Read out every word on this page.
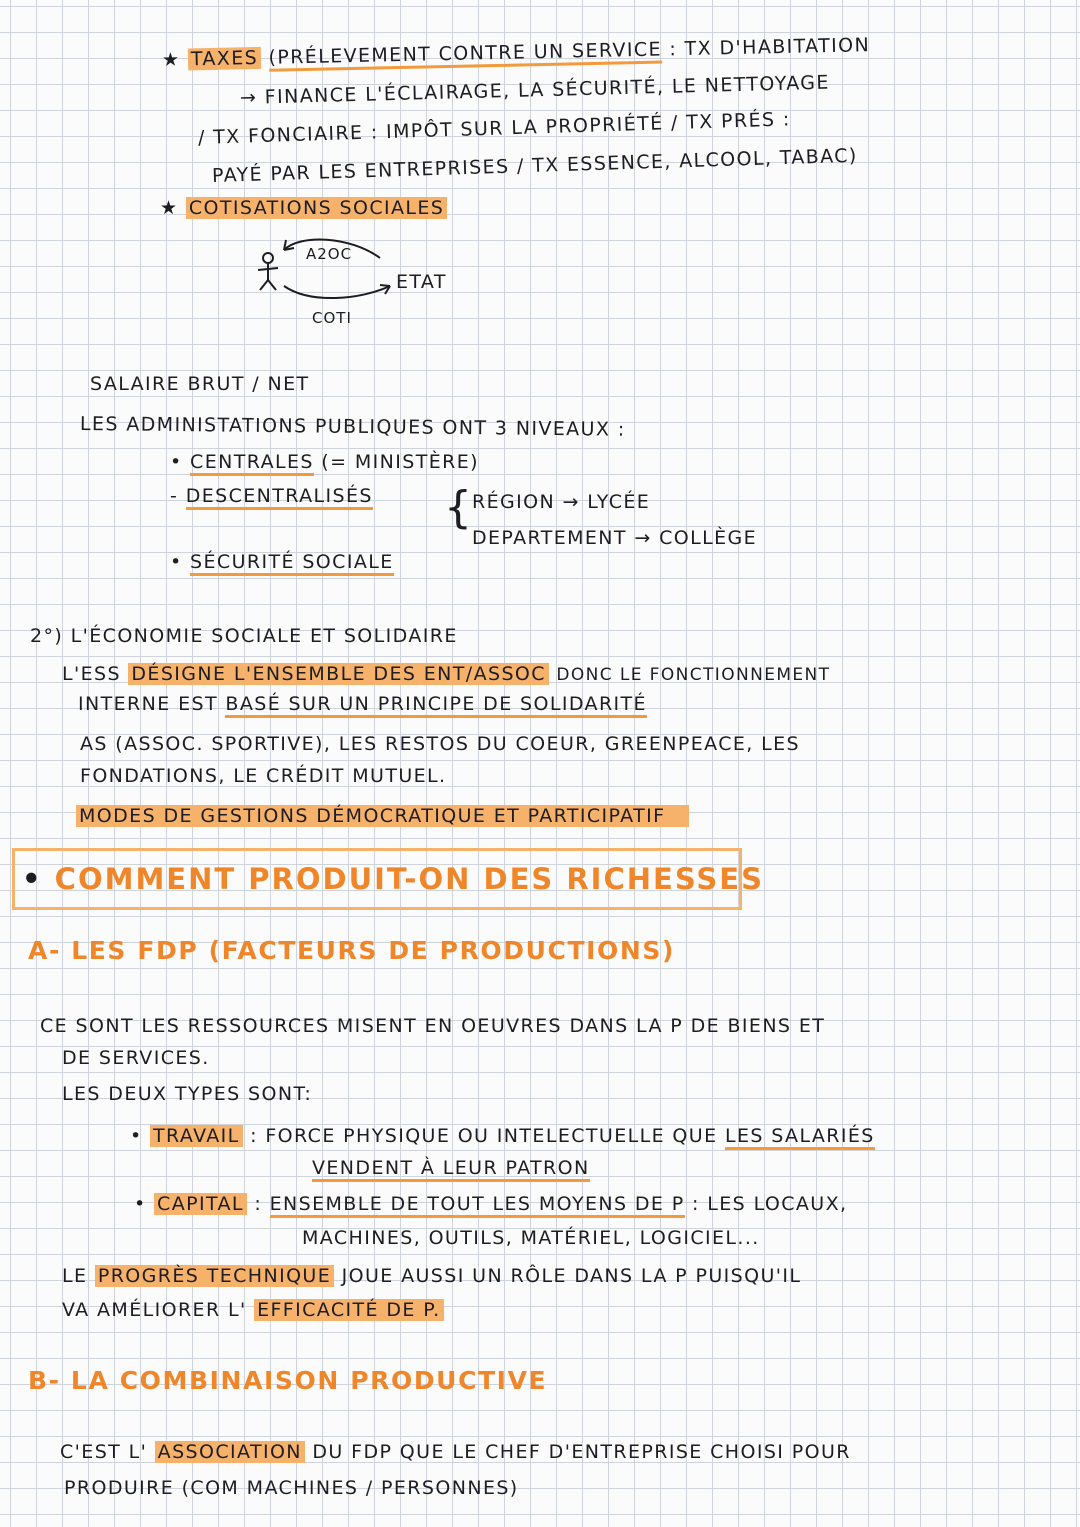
★ TAXES (PRÉLEVEMENT CONTRE UN SERVICE : TX D'HABITATION
→ FINANCE L'ÉCLAIRAGE, LA SÉCURITÉ, LE NETTOYAGE
/ TX FONCIAIRE : IMPÔT SUR LA PROPRIÉTÉ / TX PRÉS :
PAYÉ PAR LES ENTREPRISES / TX ESSENCE, ALCOOL, TABAC)
★ COTISATIONS SOCIALES
A2OC
ETAT
COTI
SALAIRE BRUT / NET
LES ADMINISTATIONS PUBLIQUES ONT 3 NIVEAUX :
• CENTRALES (= MINISTÈRE)
- DESCENTRALISÉS { RÉGION → LYCÉE
DEPARTEMENT → COLLÈGE
• SÉCURITÉ SOCIALE
2°) L'ÉCONOMIE SOCIALE ET SOLIDAIRE
L'ESS DÉSIGNE L'ENSEMBLE DES ENT/ASSOC DONC LE FONCTIONNEMENT
INTERNE EST BASÉ SUR UN PRINCIPE DE SOLIDARITÉ
AS (ASSOC. SPORTIVE), LES RESTOS DU COEUR, GREENPEACE, LES
FONDATIONS, LE CRÉDIT MUTUEL.
MODES DE GESTIONS DÉMOCRATIQUE ET PARTICIPATIF
• COMMENT PRODUIT-ON DES RICHESSES
A- LES FDP (FACTEURS DE PRODUCTIONS)
CE SONT LES RESSOURCES MISENT EN OEUVRES DANS LA P DE BIENS ET
DE SERVICES.
LES DEUX TYPES SONT:
• TRAVAIL : FORCE PHYSIQUE OU INTELECTUELLE QUE LES SALARIÉS
VENDENT À LEUR PATRON
• CAPITAL : ENSEMBLE DE TOUT LES MOYENS DE P : LES LOCAUX,
MACHINES, OUTILS, MATÉRIEL, LOGICIEL...
LE PROGRÈS TECHNIQUE JOUE AUSSI UN RÔLE DANS LA P PUISQU'IL
VA AMÉLIORER L' EFFICACITÉ DE P.
B- LA COMBINAISON PRODUCTIVE
C'EST L' ASSOCIATION DU FDP QUE LE CHEF D'ENTREPRISE CHOISI POUR
PRODUIRE (COM MACHINES / PERSONNES)
